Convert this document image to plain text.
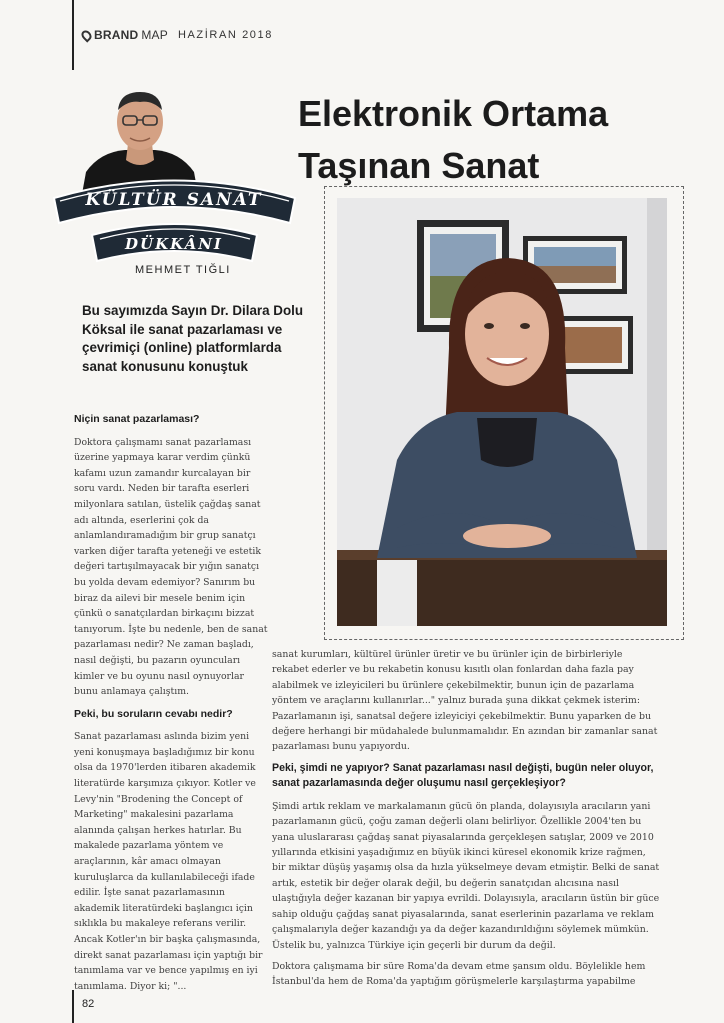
BRAND MAP HAZİRAN 2018
Elektronik Ortama
Taşınan Sanat
KÜLTÜR SANAT
DÜKKÂNI
MEHMET TIĞLI
Bu sayımızda Sayın Dr. Dilara Dolu Köksal ile sanat pazarlaması ve çevrimiçi (online) platformlarda sanat konusunu konuştuk
Niçin sanat pazarlaması?

Doktora çalışmamı sanat pazarlaması üzerine yapmaya karar verdim çünkü kafamı uzun zamandır kurcalayan bir soru vardı. Neden bir tarafta eserleri milyonlara satılan, üstelik çağdaş sanat adı altında, eserlerini çok da anlamlandıramadığım bir grup sanatçı varken diğer tarafta yeteneği ve estetik değeri tartışılmayacak bir yığın sanatçı bu yolda devam edemiyor? Sanırım bu biraz da ailevi bir mesele benim için çünkü o sanatçılardan birkaçını bizzat tanıyorum. İşte bu nedenle, ben de sanat pazarlaması nedir? Ne zaman başladı, nasıl değişti, bu pazarın oyuncuları kimler ve bu oyunu nasıl oynuyorlar bunu anlamaya çalıştım.

Peki, bu soruların cevabı nedir?

Sanat pazarlaması aslında bizim yeni yeni konuşmaya başladığımız bir konu olsa da 1970'lerden itibaren akademik literatürde karşımıza çıkıyor. Kotler ve Levy'nin "Brodening the Concept of Marketing" makalesini pazarlama alanında çalışan herkes hatırlar. Bu makalede pazarlama yöntem ve araçlarının, kâr amacı olmayan kuruluşlarca da kullanılabileceği ifade edilir. İşte sanat pazarlamasının akademik literatürdeki başlangıcı için sıklıkla bu makaleye referans verilir. Ancak Kotler'ın bir başka çalışmasında, direkt sanat pazarlaması için yaptığı bir tanımlama var ve bence yapılmış en iyi tanımlama. Diyor ki; "...

sanat kurumları, kültürel ürünler üretir ve bu ürünler için de birbirleriyle rekabet ederler ve bu rekabetin konusu kısıtlı olan fonlardan daha fazla pay alabilmek ve izleyicileri bu ürünlere çekebilmektir, bunun için de pazarlama yöntem ve araçlarını kullanırlar..." yalnız burada şuna dikkat çekmek isterim: Pazarlamanın işi, sanatsal değere izleyiciyi çekebilmektir. Bunu yaparken de bu değere herhangi bir müdahalede bulunmamalıdır. En azından bir zamanlar sanat pazarlaması bunu yapıyordu.

Peki, şimdi ne yapıyor? Sanat pazarlaması nasıl değişti, bugün neler oluyor, sanat pazarlamasında değer oluşumu nasıl gerçekleşiyor?

Şimdi artık reklam ve markalamanın gücü ön planda, dolayısıyla aracıların yani pazarlamanın gücü, çoğu zaman değerli olanı belirliyor. Özellikle 2004'ten bu yana uluslararası çağdaş sanat piyasalarında gerçekleşen satışlar, 2009 ve 2010 yıllarında etkisini yaşadığımız en büyük ikinci küresel ekonomik krize rağmen, bir miktar düşüş yaşamış olsa da hızla yükselmeye devam etmiştir. Belki de sanat artık, estetik bir değer olarak değil, bu değerin sanatçıdan alıcısına nasıl ulaştığıyla değer kazanan bir yapıya evrildi. Dolayısıyla, aracıların üstün bir güce sahip olduğu çağdaş sanat piyasalarında, sanat eserlerinin pazarlama ve reklam çalışmalarıyla değer kazandığı ya da değer kazandırıldığını söylemek mümkün. Üstelik bu, yalnızca Türkiye için geçerli bir durum da değil.

Doktora çalışmama bir süre Roma'da devam etme şansım oldu. Böylelikle hem İstanbul'da hem de Roma'da yaptığım görüşmelerle karşılaştırma yapabilme

82
